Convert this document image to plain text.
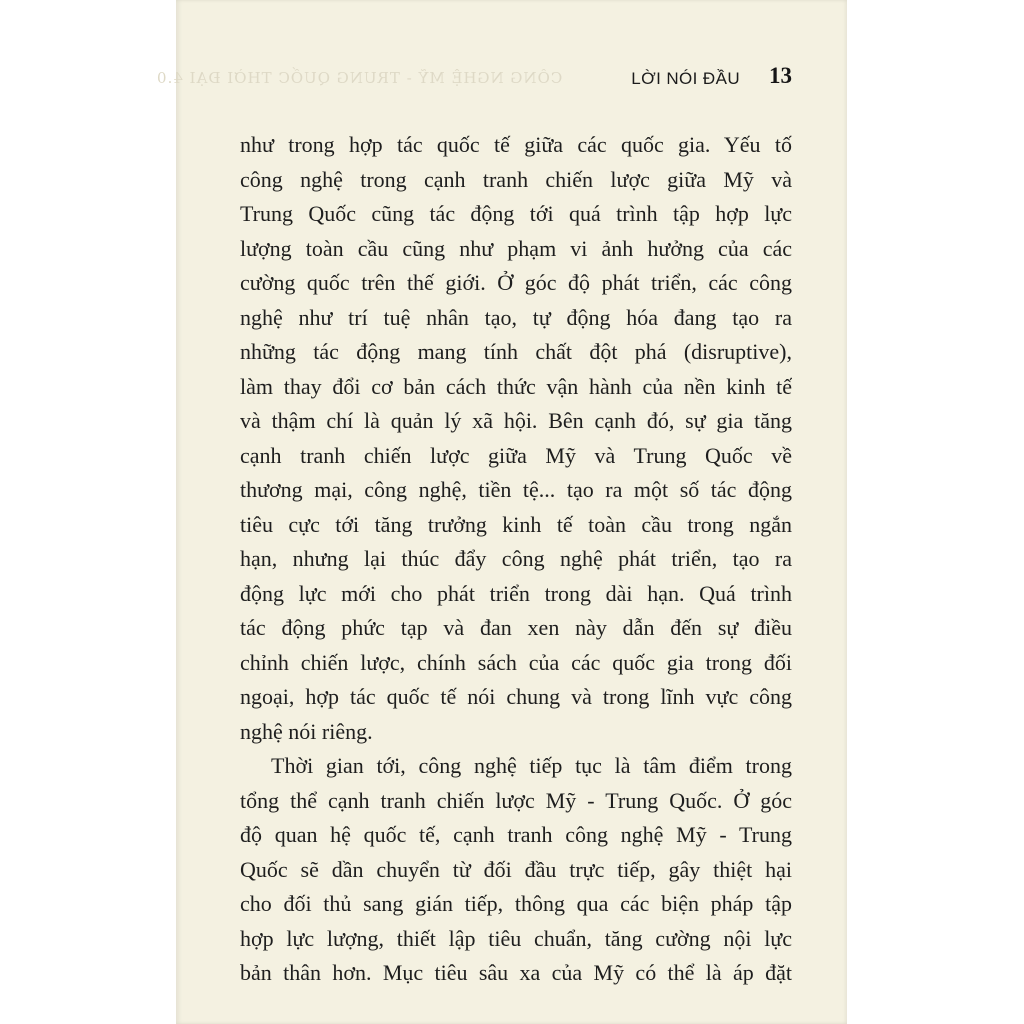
CÔNG NGHỆ MỸ - TRUNG QUỐC THỜI ĐẠI 4.0	LỜI NÓI ĐẦU 13
như trong hợp tác quốc tế giữa các quốc gia. Yếu tố
công nghệ trong cạnh tranh chiến lược giữa Mỹ và
Trung Quốc cũng tác động tới quá trình tập hợp lực
lượng toàn cầu cũng như phạm vi ảnh hưởng của các
cường quốc trên thế giới. Ở góc độ phát triển, các công
nghệ như trí tuệ nhân tạo, tự động hóa đang tạo ra
những tác động mang tính chất đột phá (disruptive),
làm thay đổi cơ bản cách thức vận hành của nền kinh tế
và thậm chí là quản lý xã hội. Bên cạnh đó, sự gia tăng
cạnh tranh chiến lược giữa Mỹ và Trung Quốc về
thương mại, công nghệ, tiền tệ... tạo ra một số tác động
tiêu cực tới tăng trưởng kinh tế toàn cầu trong ngắn
hạn, nhưng lại thúc đẩy công nghệ phát triển, tạo ra
động lực mới cho phát triển trong dài hạn. Quá trình
tác động phức tạp và đan xen này dẫn đến sự điều
chỉnh chiến lược, chính sách của các quốc gia trong đối
ngoại, hợp tác quốc tế nói chung và trong lĩnh vực công
nghệ nói riêng.
Thời gian tới, công nghệ tiếp tục là tâm điểm trong
tổng thể cạnh tranh chiến lược Mỹ - Trung Quốc. Ở góc
độ quan hệ quốc tế, cạnh tranh công nghệ Mỹ - Trung
Quốc sẽ dần chuyển từ đối đầu trực tiếp, gây thiệt hại
cho đối thủ sang gián tiếp, thông qua các biện pháp tập
hợp lực lượng, thiết lập tiêu chuẩn, tăng cường nội lực
bản thân hơn. Mục tiêu sâu xa của Mỹ có thể là áp đặt
